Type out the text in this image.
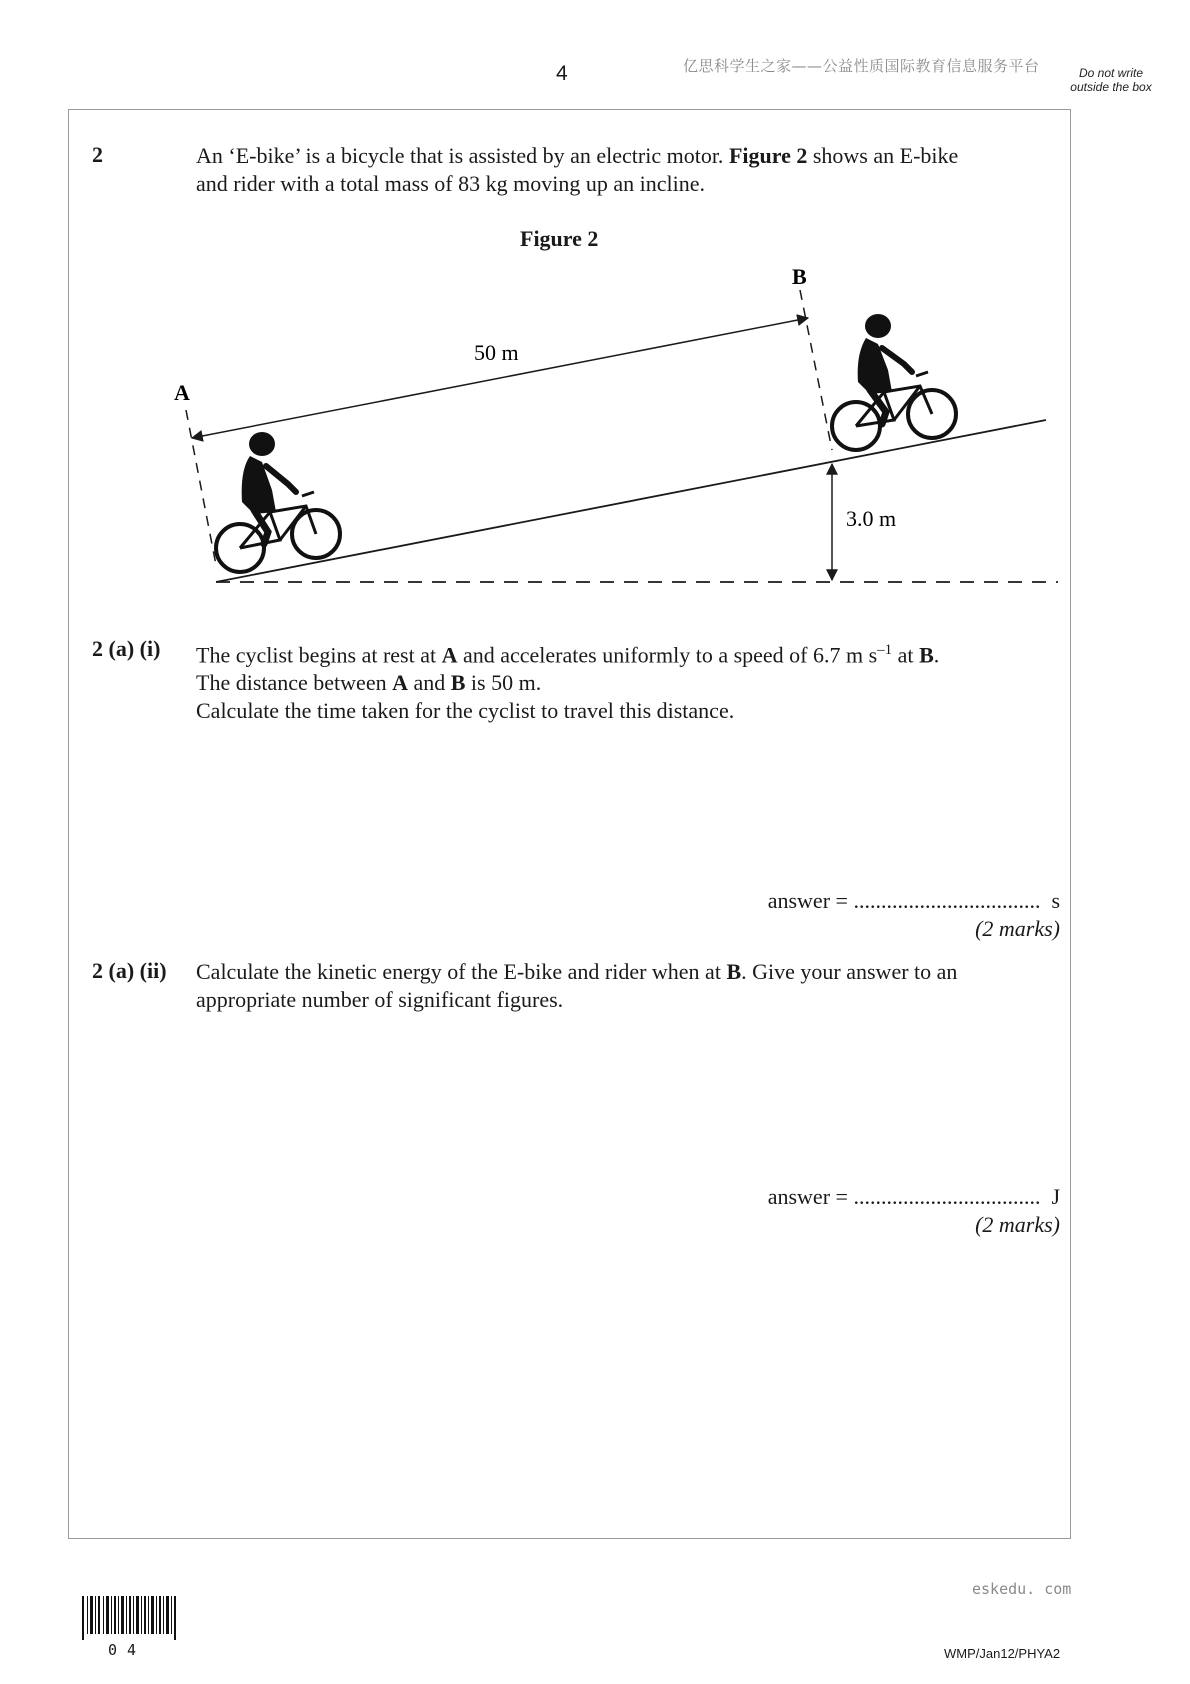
4	亿思科学生之家——公益性质国际教育信息服务平台	Do not write outside the box
2	An ‘E-bike’ is a bicycle that is assisted by an electric motor. Figure 2 shows an E-bike
and rider with a total mass of 83 kg moving up an incline.
Figure 2
A
B
50 m
3.0 m
2 (a) (i) The cyclist begins at rest at A and accelerates uniformly to a speed of 6.7 m $s^{-1}$ at B.
The distance between A and B is 50 m.
Calculate the time taken for the cyclist to travel this distance.
answer = .................................. s
(2 marks)
2 (a) (ii) Calculate the kinetic energy of the E-bike and rider when at B. Give your answer to an
appropriate number of significant figures.
answer = .................................. J
(2 marks)
eskedu. com
04	WMP/Jan12/PHYA2
